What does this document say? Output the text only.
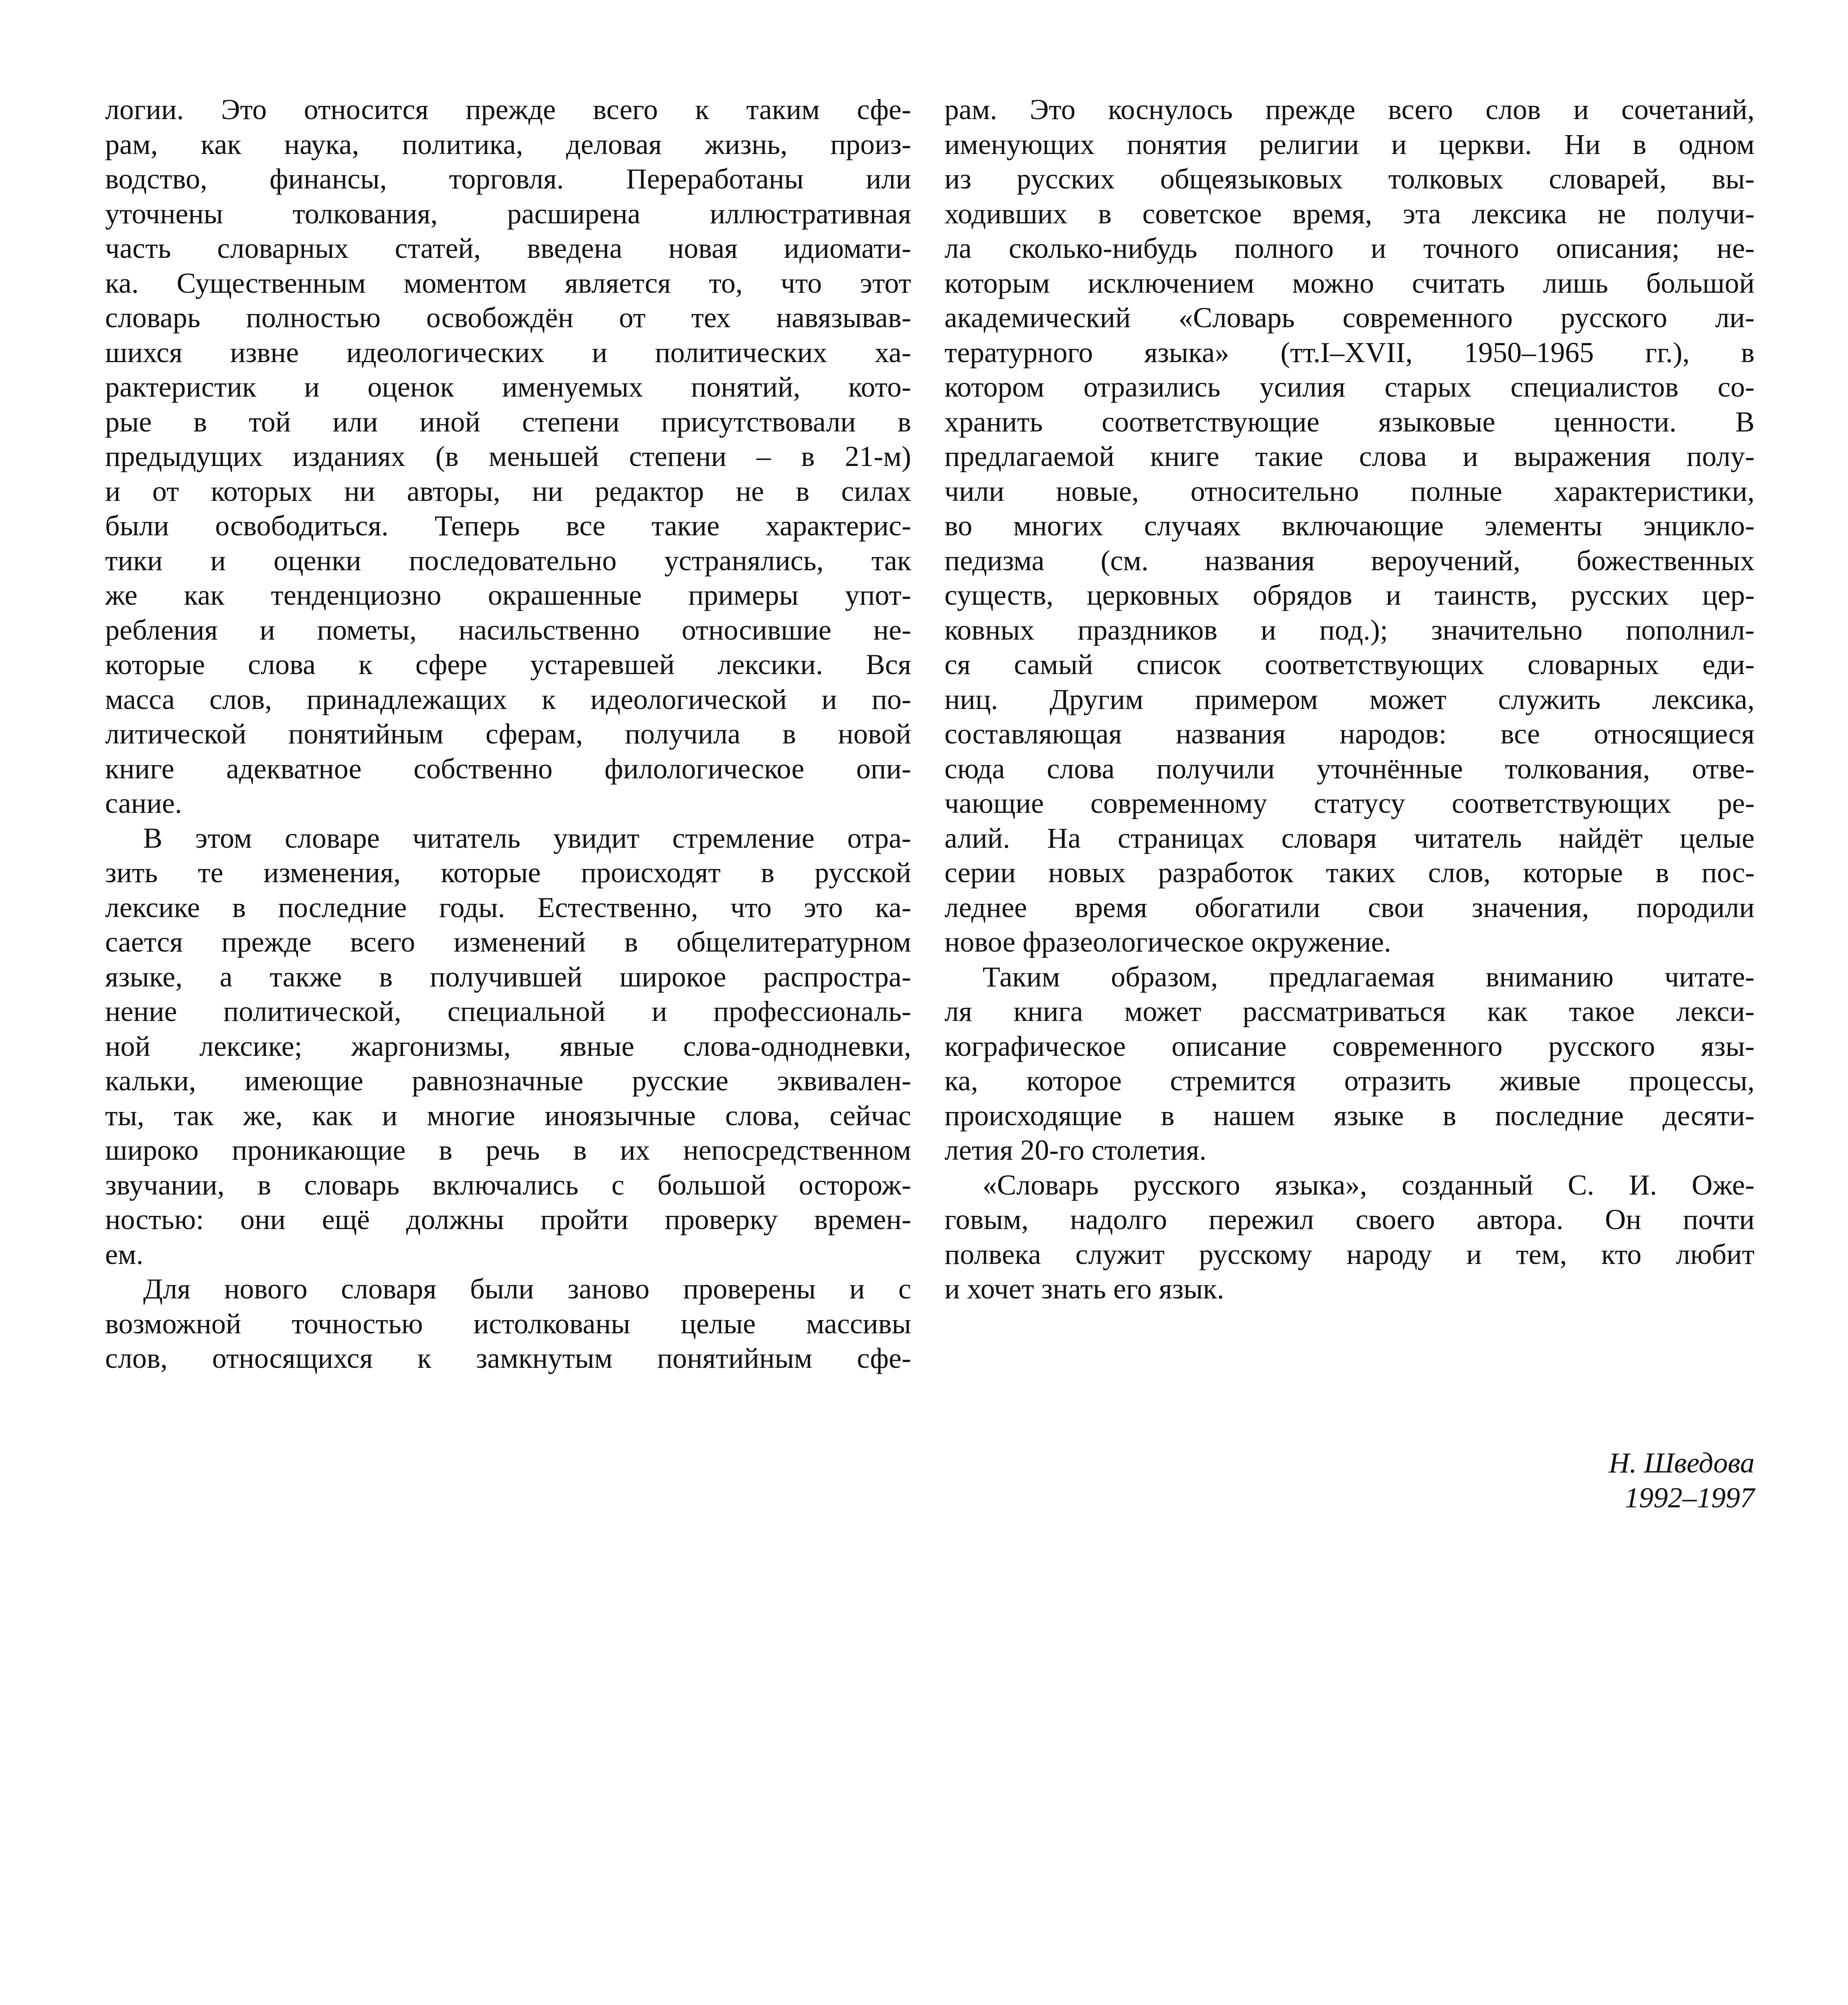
логии. Это относится прежде всего к таким сфе-
рам, как наука, политика, деловая жизнь, произ-
водство, финансы, торговля. Переработаны или
уточнены толкования, расширена иллюстративная
часть словарных статей, введена новая идиомати-
ка. Существенным моментом является то, что этот
словарь полностью освобождён от тех навязывав-
шихся извне идеологических и политических ха-
рактеристик и оценок именуемых понятий, кото-
рые в той или иной степени присутствовали в
предыдущих изданиях (в меньшей степени – в 21-м)
и от которых ни авторы, ни редактор не в силах
были освободиться. Теперь все такие характерис-
тики и оценки последовательно устранялись, так
же как тенденциозно окрашенные примеры упот-
ребления и пометы, насильственно относившие не-
которые слова к сфере устаревшей лексики. Вся
масса слов, принадлежащих к идеологической и по-
литической понятийным сферам, получила в новой
книге адекватное собственно филологическое опи-
сание.
В этом словаре читатель увидит стремление отра-
зить те изменения, которые происходят в русской
лексике в последние годы. Естественно, что это ка-
сается прежде всего изменений в общелитературном
языке, а также в получившей широкое распростра-
нение политической, специальной и профессиональ-
ной лексике; жаргонизмы, явные слова-однодневки,
кальки, имеющие равнозначные русские эквивален-
ты, так же, как и многие иноязычные слова, сейчас
широко проникающие в речь в их непосредственном
звучании, в словарь включались с большой осторож-
ностью: они ещё должны пройти проверку времен-
ем.
Для нового словаря были заново проверены и с
возможной точностью истолкованы целые массивы
слов, относящихся к замкнутым понятийным сфе-
рам. Это коснулось прежде всего слов и сочетаний,
именующих понятия религии и церкви. Ни в одном
из русских общеязыковых толковых словарей, вы-
ходивших в советское время, эта лексика не получи-
ла сколько-нибудь полного и точного описания; не-
которым исключением можно считать лишь большой
академический «Словарь современного русского ли-
тературного языка» (тт.I–XVII, 1950–1965 гг.), в
котором отразились усилия старых специалистов со-
хранить соответствующие языковые ценности. В
предлагаемой книге такие слова и выражения полу-
чили новые, относительно полные характеристики,
во многих случаях включающие элементы энцикло-
педизма (см. названия вероучений, божественных
существ, церковных обрядов и таинств, русских цер-
ковных праздников и под.); значительно пополнил-
ся самый список соответствующих словарных еди-
ниц. Другим примером может служить лексика,
составляющая названия народов: все относящиеся
сюда слова получили уточнённые толкования, отве-
чающие современному статусу соответствующих ре-
алий. На страницах словаря читатель найдёт целые
серии новых разработок таких слов, которые в пос-
леднее время обогатили свои значения, породили
новое фразеологическое окружение.
Таким образом, предлагаемая вниманию читате-
ля книга может рассматриваться как такое лекси-
кографическое описание современного русского язы-
ка, которое стремится отразить живые процессы,
происходящие в нашем языке в последние десяти-
летия 20-го столетия.
«Словарь русского языка», созданный С. И. Оже-
говым, надолго пережил своего автора. Он почти
полвека служит русскому народу и тем, кто любит
и хочет знать его язык.
Н. Шведова
1992–1997
